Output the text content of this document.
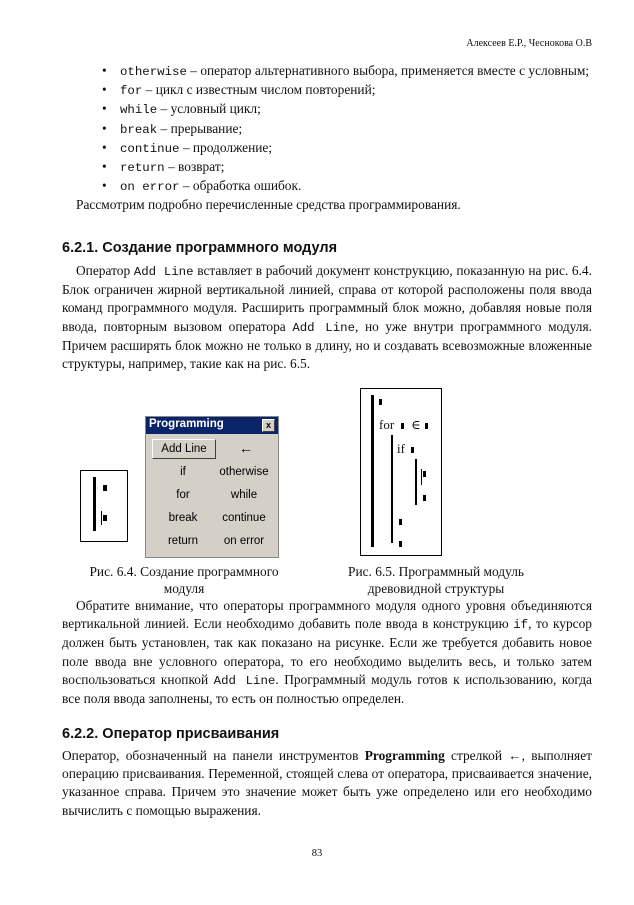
Алексеев Е.Р., Чеснокова О.В
• otherwise – оператор альтернативного выбора, применяется вместе с условным;
• for – цикл с известным числом повторений;
• while – условный цикл;
• break – прерывание;
• continue – продолжение;
• return – возврат;
• on error – обработка ошибок.
Рассмотрим подробно перечисленные средства программирования.
6.2.1. Создание программного модуля
Оператор Add Line вставляет в рабочий документ конструкцию, показанную на рис. 6.4. Блок ограничен жирной вертикальной линией, справа от которой расположены поля ввода команд программного модуля. Расширить программный блок можно, добавляя новые поля ввода, повторным вызовом оператора Add Line, но уже внутри программного модуля. Причем расширять блок можно не только в длину, но и создавать всевозможные вложенные структуры, например, такие как на рис. 6.5.
Programming	x
Add Line	←
if	otherwise
for	while
break	continue
return	on error
for ∈
if
Рис. 6.4. Создание программного
модуля
Рис. 6.5. Программный модуль
древовидной структуры
Обратите внимание, что операторы программного модуля одного уровня объединяются вертикальной линией. Если необходимо добавить поле ввода в конструкцию if, то курсор должен быть установлен, так как показано на рисунке. Если же требуется добавить новое поле ввода вне условного оператора, то его необходимо выделить весь, и только затем воспользоваться кнопкой Add Line. Программный модуль готов к использованию, когда все поля ввода заполнены, то есть он полностью определен.
6.2.2. Оператор присваивания
Оператор, обозначенный на панели инструментов Programming стрелкой ←, выполняет операцию присваивания. Переменной, стоящей слева от оператора, присваивается значение, указанное справа. Причем это значение может быть уже определено или его необходимо вычислить с помощью выражения.
83
